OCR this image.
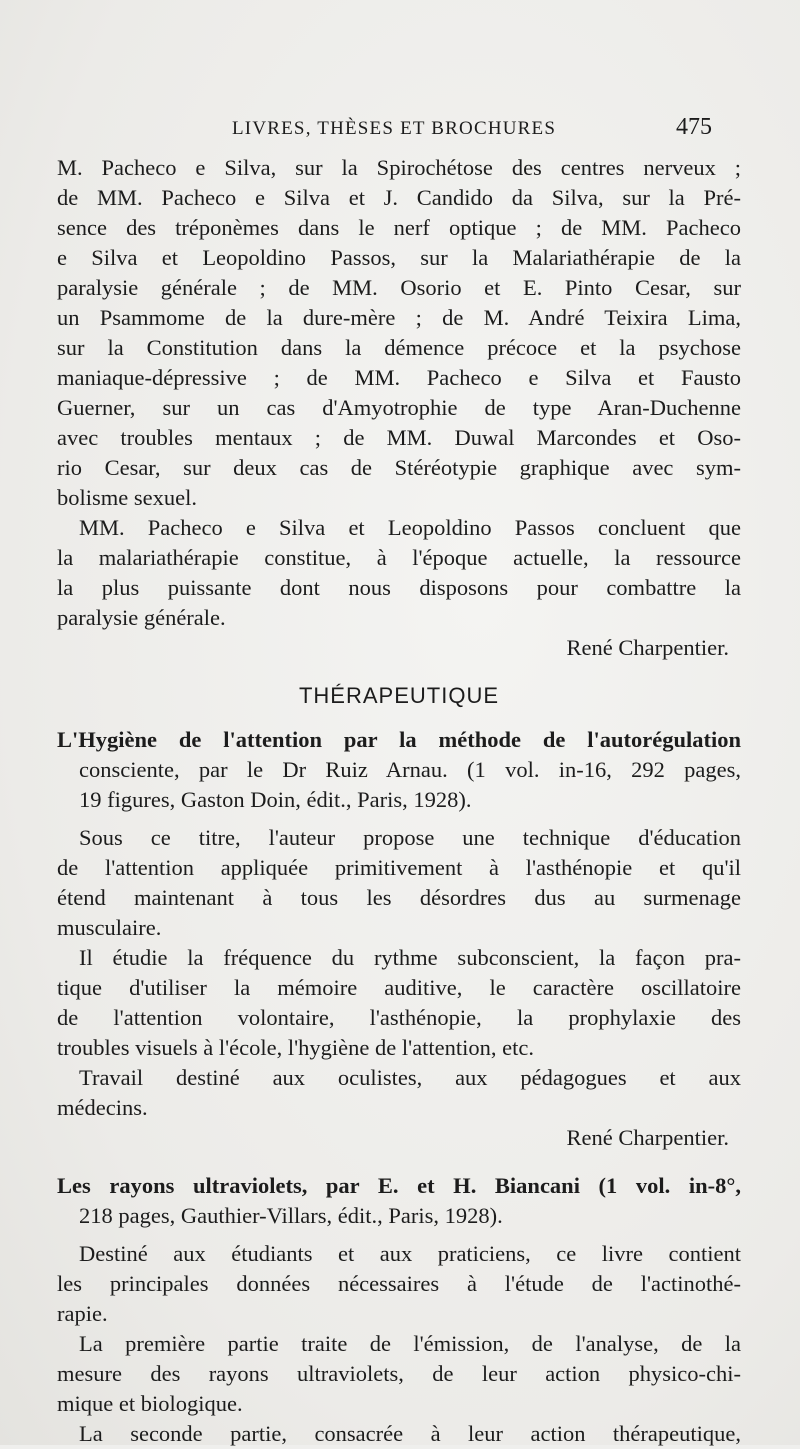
LIVRES, THÈSES ET BROCHURES	475
M. Pacheco e Silva, sur la Spirochétose des centres nerveux ;
de MM. Pacheco e Silva et J. Candido da Silva, sur la Pré-
sence des tréponèmes dans le nerf optique ; de MM. Pacheco
e Silva et Leopoldino Passos, sur la Malariathérapie de la
paralysie générale ; de MM. Osorio et E. Pinto Cesar, sur
un Psammome de la dure-mère ; de M. André Teixira Lima,
sur la Constitution dans la démence précoce et la psychose
maniaque-dépressive ; de MM. Pacheco e Silva et Fausto
Guerner, sur un cas d'Amyotrophie de type Aran-Duchenne
avec troubles mentaux ; de MM. Duwal Marcondes et Oso-
rio Cesar, sur deux cas de Stéréotypie graphique avec sym-
bolisme sexuel.
MM. Pacheco e Silva et Leopoldino Passos concluent que
la malariathérapie constitue, à l'époque actuelle, la ressource
la plus puissante dont nous disposons pour combattre la
paralysie générale.
René Charpentier.
THÉRAPEUTIQUE
L'Hygiène de l'attention par la méthode de l'autorégulation
consciente, par le Dr Ruiz Arnau. (1 vol. in-16, 292 pages,
19 figures, Gaston Doin, édit., Paris, 1928).
Sous ce titre, l'auteur propose une technique d'éducation
de l'attention appliquée primitivement à l'asthénopie et qu'il
étend maintenant à tous les désordres dus au surmenage
musculaire.
Il étudie la fréquence du rythme subconscient, la façon pra-
tique d'utiliser la mémoire auditive, le caractère oscillatoire
de l'attention volontaire, l'asthénopie, la prophylaxie des
troubles visuels à l'école, l'hygiène de l'attention, etc.
Travail destiné aux oculistes, aux pédagogues et aux
médecins.
René Charpentier.
Les rayons ultraviolets, par E. et H. Biancani (1 vol. in-8°,
218 pages, Gauthier-Villars, édit., Paris, 1928).
Destiné aux étudiants et aux praticiens, ce livre contient
les principales données nécessaires à l'étude de l'actinothé-
rapie.
La première partie traite de l'émission, de l'analyse, de la
mesure des rayons ultraviolets, de leur action physico-chi-
mique et biologique.
La seconde partie, consacrée à leur action thérapeutique,
